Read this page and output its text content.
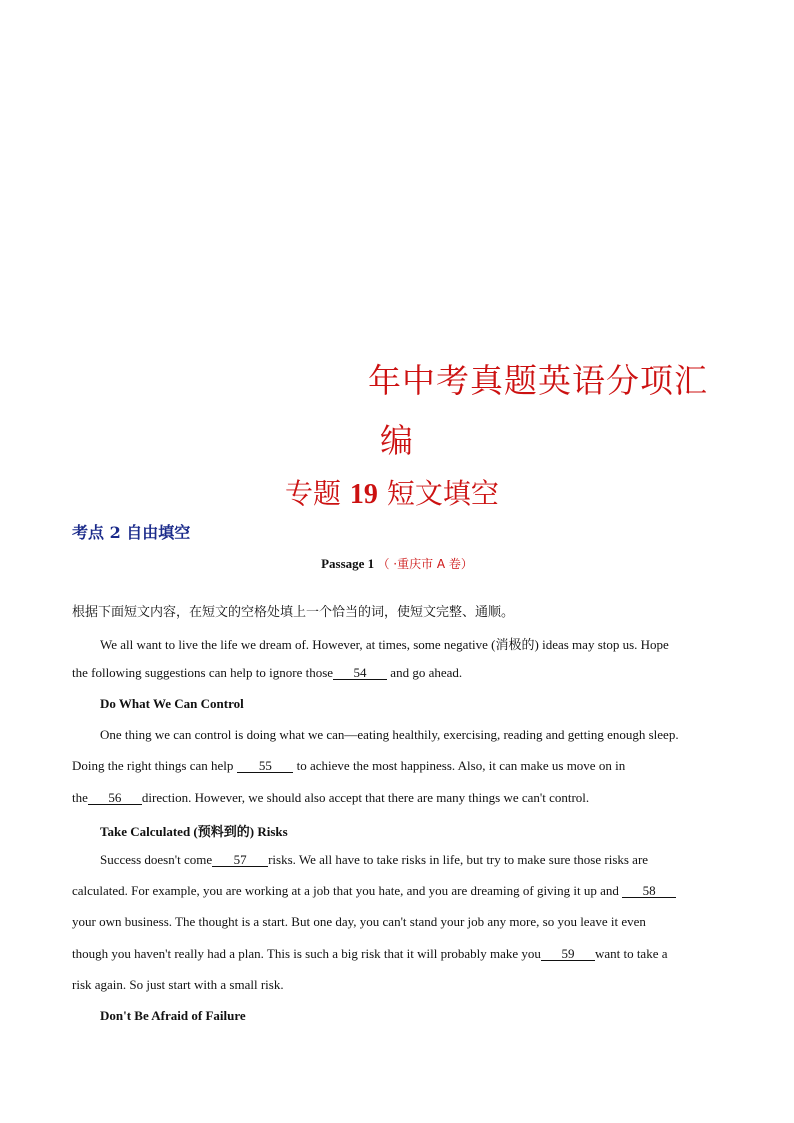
年中考真题英语分项汇
编
专题 19 短文填空
考点 2 自由填空
Passage 1 （ ·重庆市 A 卷）
根据下面短文内容，在短文的空格处填上一个恰当的词，使短文完整、通顺。
We all want to live the life we dream of. However, at times, some negative (消极的) ideas may stop us. Hope
the following suggestions can help to ignore those 54 and go ahead.
Do What We Can Control
One thing we can control is doing what we can—eating healthily, exercising, reading and getting enough sleep.
Doing the right things can help 55 to achieve the most happiness. Also, it can make us move on in
the 56 direction. However, we should also accept that there are many things we can't control.
Take Calculated (预料到的) Risks
Success doesn't come 57 risks. We all have to take risks in life, but try to make sure those risks are
calculated. For example, you are working at a job that you hate, and you are dreaming of giving it up and 58
your own business. The thought is a start. But one day, you can't stand your job any more, so you leave it even
though you haven't really had a plan. This is such a big risk that it will probably make you 59 want to take a
risk again. So just start with a small risk.
Don't Be Afraid of Failure
